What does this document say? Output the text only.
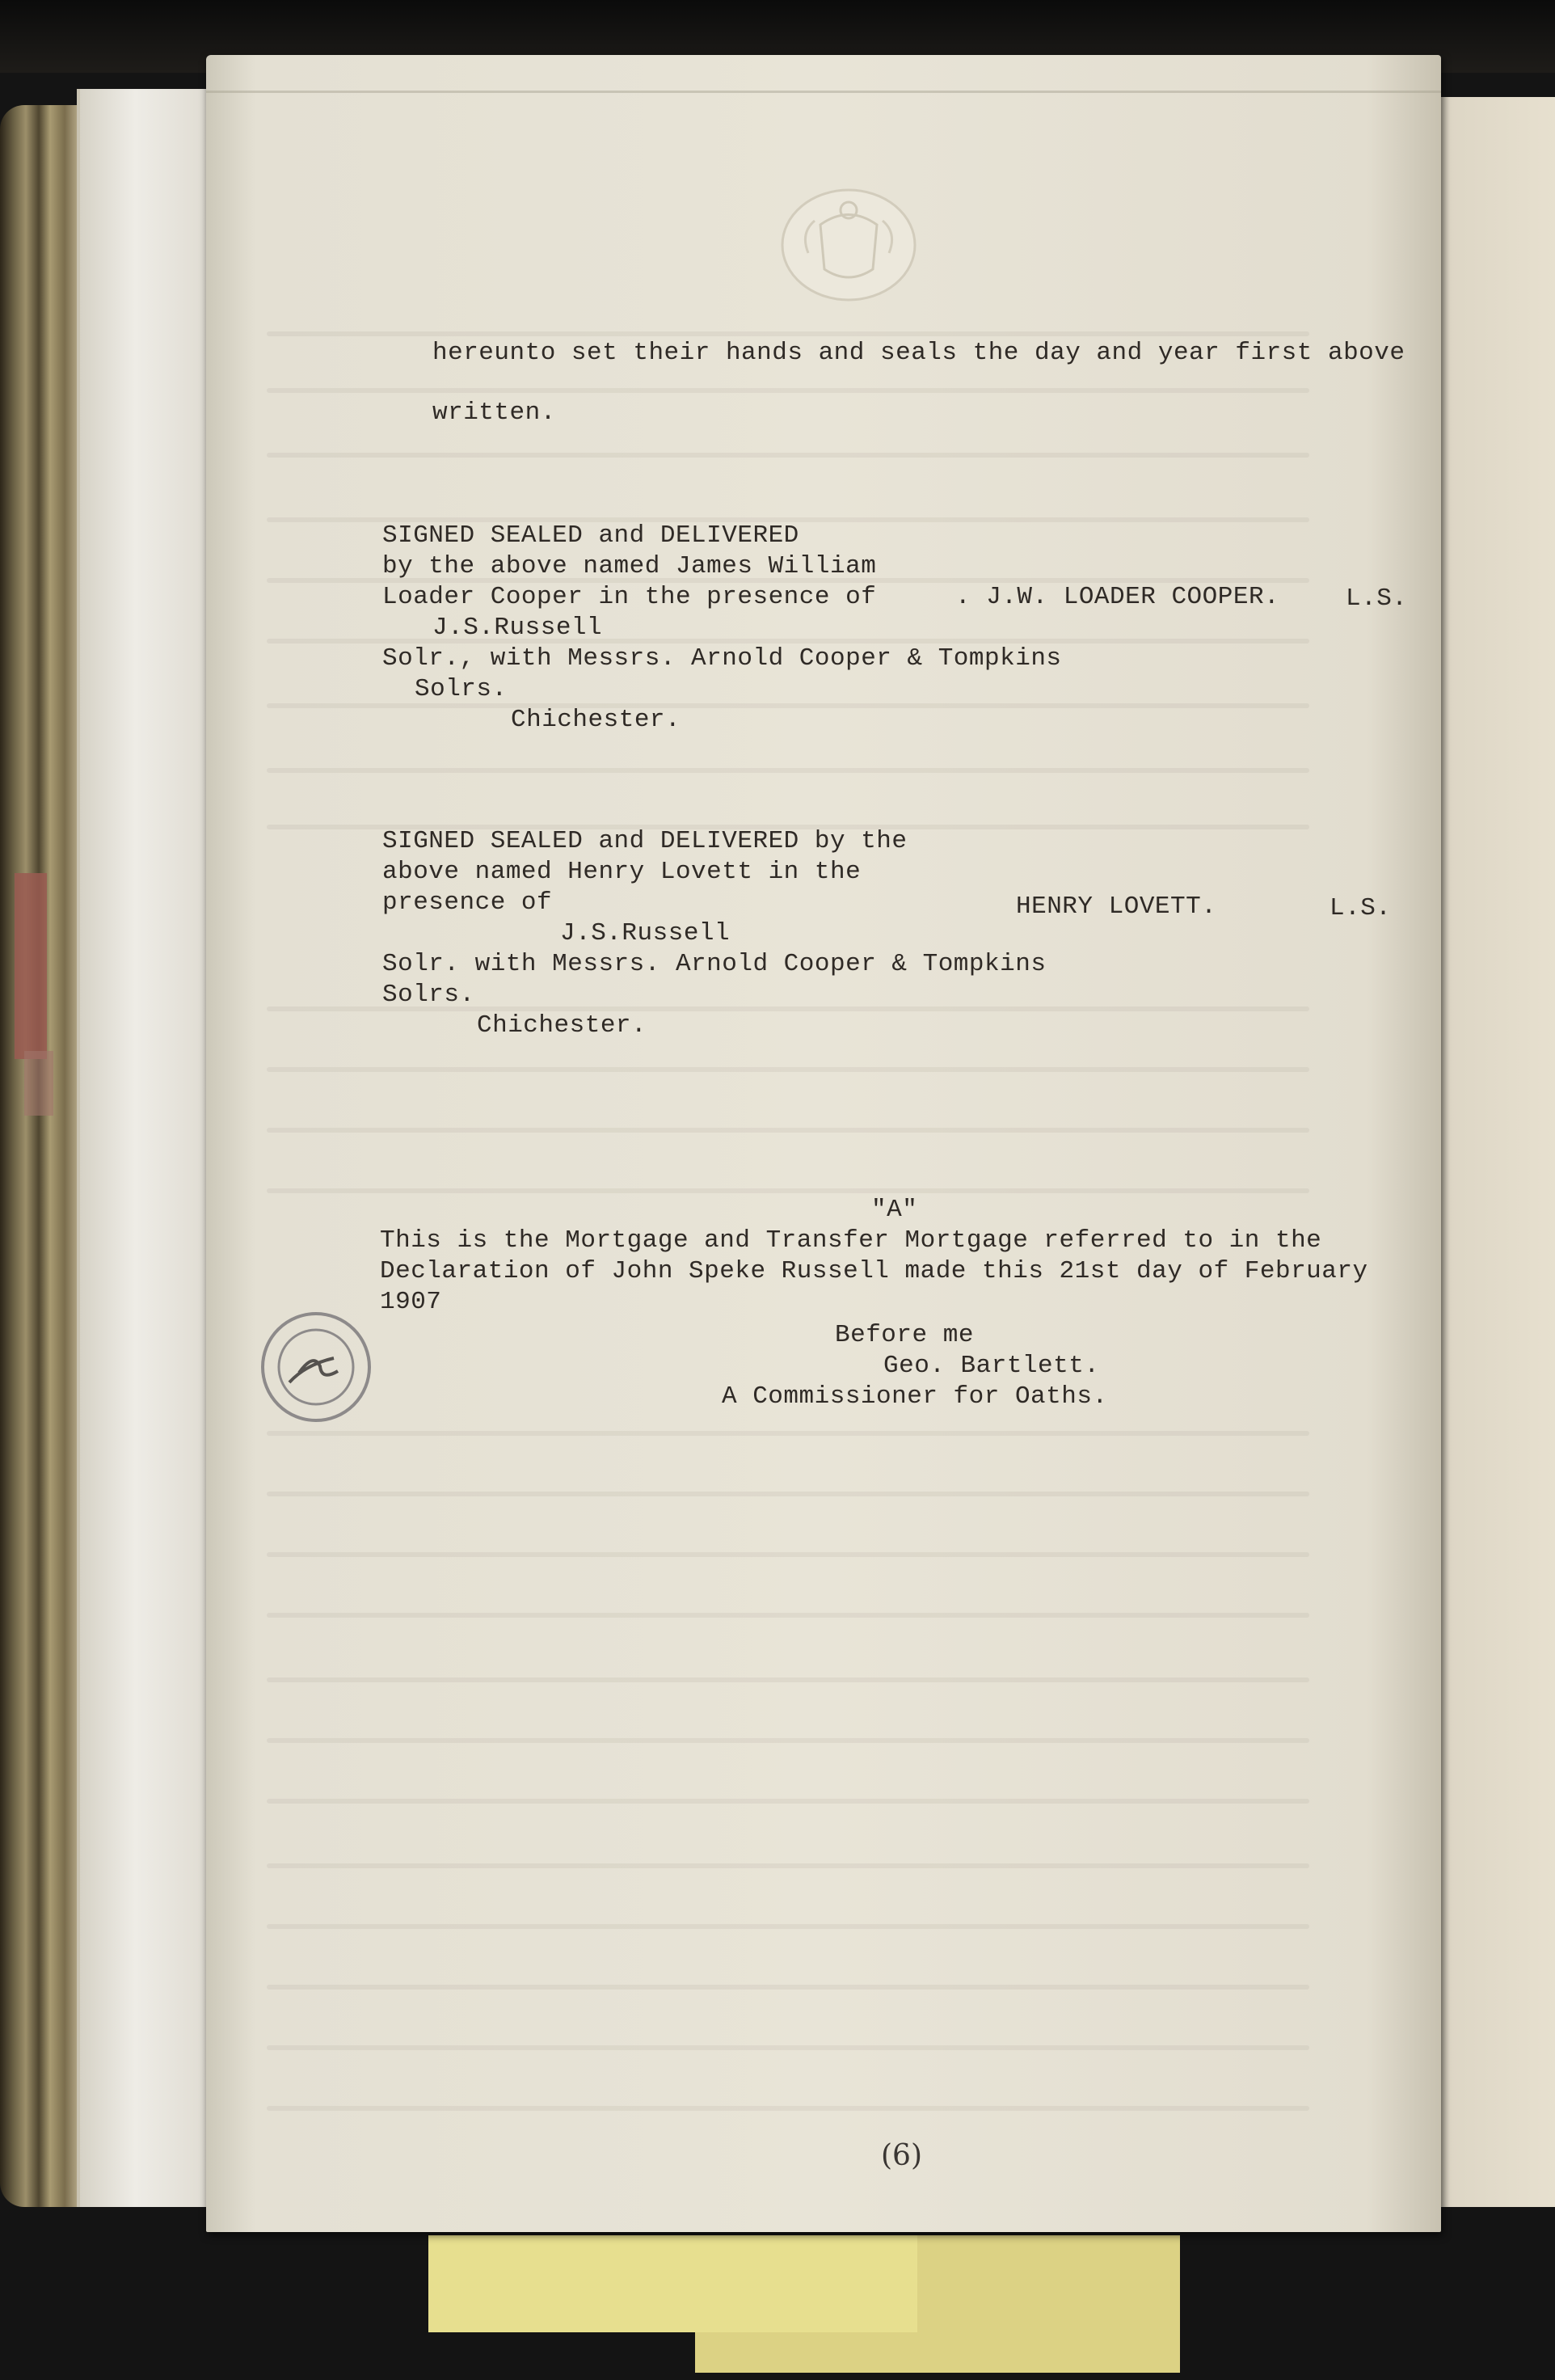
hereunto set their hands and seals the day and year first above

written.

SIGNED SEALED and DELIVERED

by the above named James William

Loader Cooper in the presence of

J.S.Russell

Solr., with Messrs. Arnold Cooper & Tompkins

Solrs.

Chichester.

. J.W. LOADER COOPER.	L.S.

SIGNED SEALED and DELIVERED by the

above named Henry Lovett in the

presence of

J.S.Russell

Solr. with Messrs. Arnold Cooper & Tompkins

Solrs.

Chichester.

HENRY LOVETT.	L.S.

"A"

This is the Mortgage and Transfer Mortgage referred to in the

Declaration of John Speke Russell made this 21st day of February

1907

Before me

Geo. Bartlett.

A Commissioner for Oaths.

(6)
